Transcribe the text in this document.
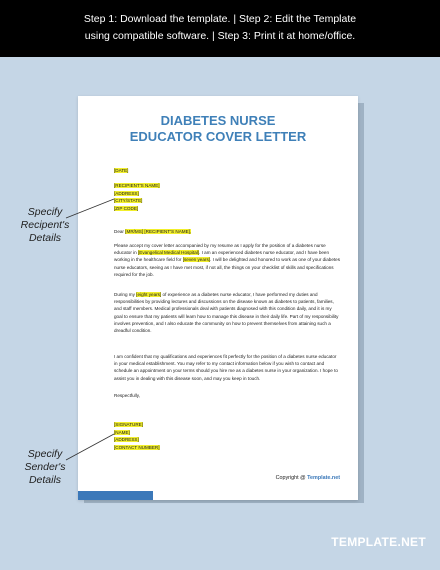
Step 1: Download the template. | Step 2: Edit the Template
using compatible software. | Step 3: Print it at home/office.
DIABETES NURSE
EDUCATOR COVER LETTER
[DATE]
[RECIPIENT'S NAME]
[ADDRESS]
[CITY/STATE]
[ZIP CODE]
Dear [MR/MS] [RECIPIENT'S NAME],

Please accept my cover letter accompanied by my resume as I apply for the position of a diabetes nurse educator in [Evangelical Medical Hospital]. I am an experienced diabetes nurse educator, and I have been working in the healthcare field for [seven years]. I will be delighted and honored to work as one of your diabetes nurse educators, seeing as I have met most, if not all, the things on your checklist of skills and specifications required for the job.

During my [eight years] of experience as a diabetes nurse educator, I have performed my duties and responsibilities by providing lectures and discussions on the disease known as diabetes to patients, families, and staff members. Medical professionals deal with patients diagnosed with this condition daily, and it is my goal to ensure that my patients will learn how to manage this disease in their daily life. Part of my responsibility involves prevention, and I also educate the community on how to prevent themselves from attaining such a dreadful condition.

I am confident that my qualifications and experiences fit perfectly for the position of a diabetes nurse educator in your medical establishment. You may refer to my contact information below if you wish to contact and schedule an appointment on your terms should you hire me as a diabetes nurse in your organization. I hope to assist you in dealing with this disease soon, and may you keep in touch.

Respectfully,
[SIGNATURE]
[NAME]
[ADDRESS]
[CONTACT NUMBER]
Copyright @ Template.net
Specify
Recipent's
Details
Specify
Sender's
Details
TEMPLATE.NET
